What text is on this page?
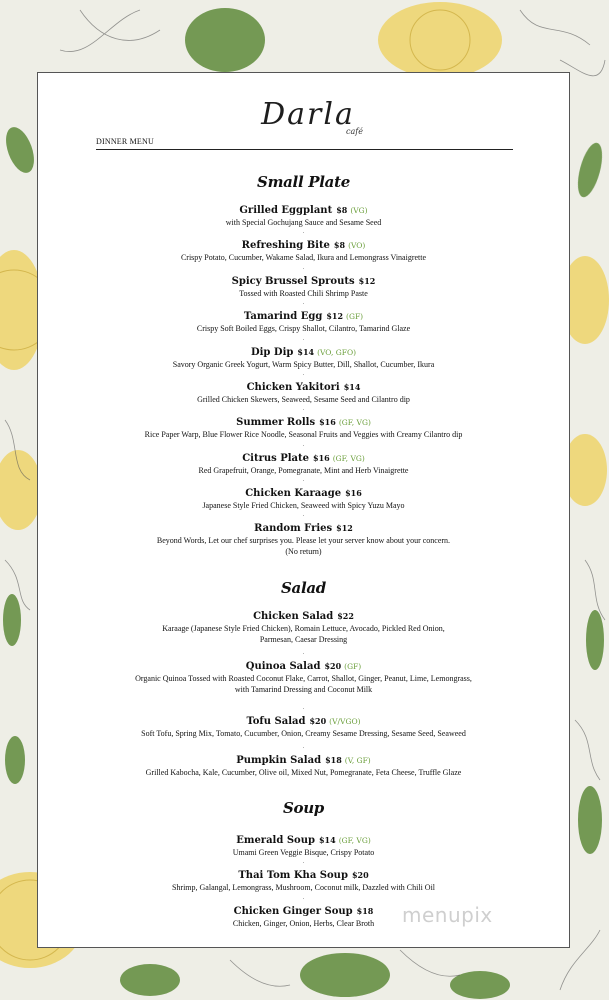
Darla
café
DINNER MENU
Small Plate
Grilled Eggplant $8 (VG)
with Special Gochujang Sauce and Sesame Seed
·
Refreshing Bite $8 (VO)
Crispy Potato, Cucumber, Wakame Salad, Ikura and Lemongrass Vinaigrette
·
Spicy Brussel Sprouts $12
Tossed with Roasted Chili Shrimp Paste
·
Tamarind Egg $12 (GF)
Crispy Soft Boiled Eggs, Crispy Shallot, Cilantro, Tamarind Glaze
·
Dip Dip $14 (VO, GFO)
Savory Organic Greek Yogurt, Warm Spicy Butter, Dill, Shallot, Cucumber, Ikura
·
Chicken Yakitori $14
Grilled Chicken Skewers, Seaweed, Sesame Seed and Cilantro dip
·
Summer Rolls $16 (GF, VG)
Rice Paper Warp, Blue Flower Rice Noodle, Seasonal Fruits and Veggies with Creamy Cilantro dip
·
Citrus Plate $16 (GF, VG)
Red Grapefruit, Orange, Pomegranate, Mint and Herb Vinaigrette
·
Chicken Karaage $16
Japanese Style Fried Chicken, Seaweed with Spicy Yuzu Mayo
·
Random Fries $12
Beyond Words, Let our chef surprises you. Please let your server know about your concern.
(No return)
Salad
Chicken Salad $22
Karaage (Japanese Style Fried Chicken), Romain Lettuce, Avocado, Pickled Red Onion,
Parmesan, Caesar Dressing
·
Quinoa Salad $20 (GF)
Organic Quinoa Tossed with Roasted Coconut Flake, Carrot, Shallot, Ginger, Peanut, Lime, Lemongrass,
with Tamarind Dressing and Coconut Milk
·
Tofu Salad $20 (V/VGO)
Soft Tofu, Spring Mix, Tomato, Cucumber, Onion, Creamy Sesame Dressing, Sesame Seed, Seaweed
·
Pumpkin Salad $18 (V, GF)
Grilled Kabocha, Kale, Cucumber, Olive oil, Mixed Nut, Pomegranate, Feta Cheese, Truffle Glaze
Soup
Emerald Soup $14 (GF, VG)
Umami Green Veggie Bisque, Crispy Potato
·
Thai Tom Kha Soup $20
Shrimp, Galangal, Lemongrass, Mushroom, Coconut milk, Dazzled with Chili Oil
·
Chicken Ginger Soup $18
Chicken, Ginger, Onion, Herbs, Clear Broth	menupix
